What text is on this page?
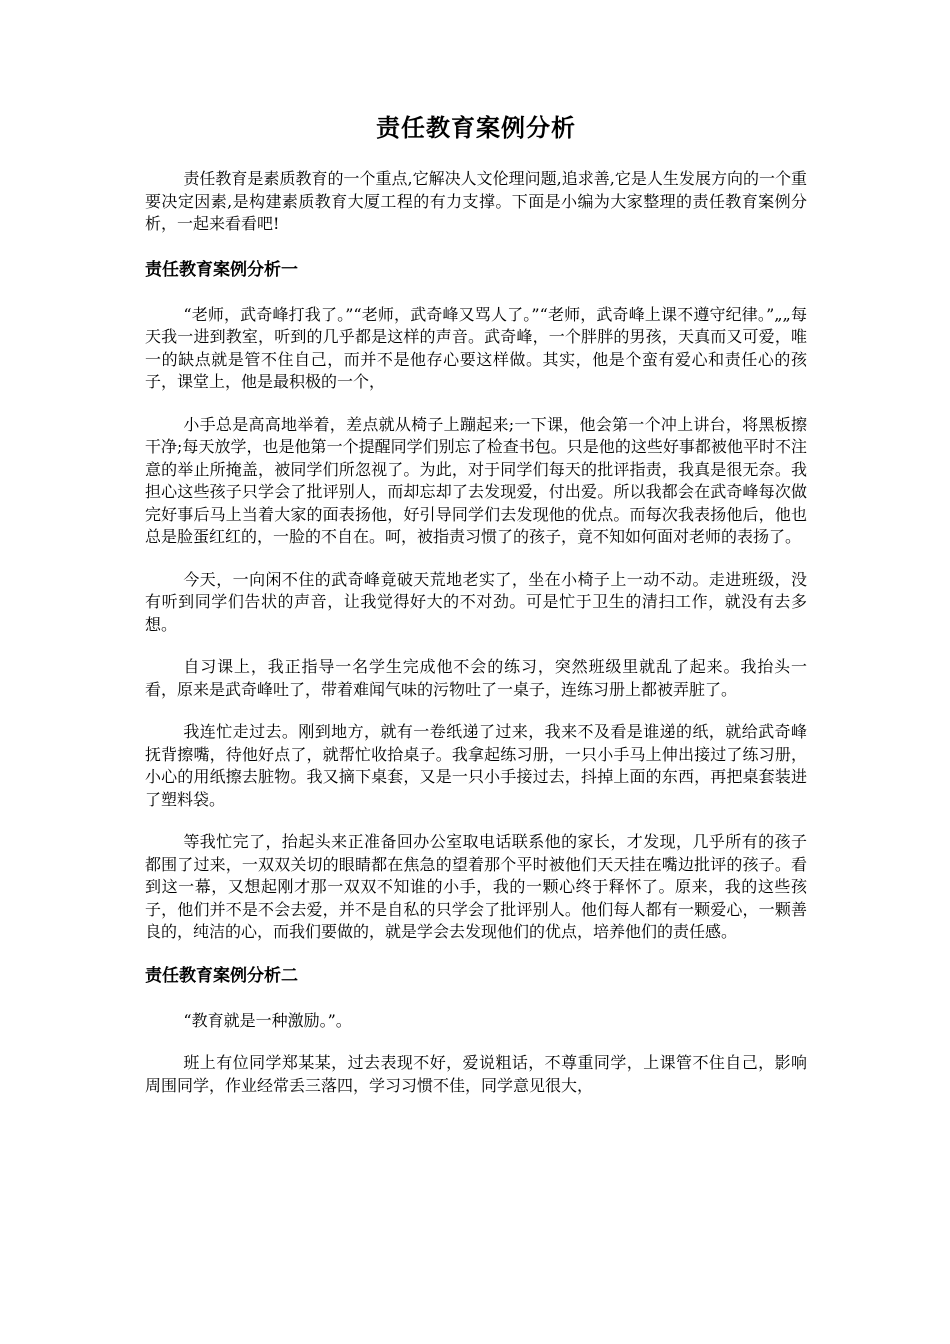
责任教育案例分析

责任教育是素质教育的一个重点,它解决人文伦理问题,追求善,它是人生发展方向的一个重要决定因素,是构建素质教育大厦工程的有力支撑。下面是小编为大家整理的责任教育案例分析，一起来看看吧!

责任教育案例分析一

“老师，武奇峰打我了。”“老师，武奇峰又骂人了。”“老师，武奇峰上课不遵守纪律。”„„每天我一进到教室，听到的几乎都是这样的声音。武奇峰，一个胖胖的男孩，天真而又可爱，唯一的缺点就是管不住自己，而并不是他存心要这样做。其实，他是个蛮有爱心和责任心的孩子，课堂上，他是最积极的一个，

小手总是高高地举着，差点就从椅子上蹦起来;一下课，他会第一个冲上讲台，将黑板擦干净;每天放学，也是他第一个提醒同学们别忘了检查书包。只是他的这些好事都被他平时不注意的举止所掩盖，被同学们所忽视了。为此，对于同学们每天的批评指责，我真是很无奈。我担心这些孩子只学会了批评别人，而却忘却了去发现爱，付出爱。所以我都会在武奇峰每次做完好事后马上当着大家的面表扬他，好引导同学们去发现他的优点。而每次我表扬他后，他也总是脸蛋红红的，一脸的不自在。呵，被指责习惯了的孩子，竟不知如何面对老师的表扬了。

今天，一向闲不住的武奇峰竟破天荒地老实了，坐在小椅子上一动不动。走进班级，没有听到同学们告状的声音，让我觉得好大的不对劲。可是忙于卫生的清扫工作，就没有去多想。

自习课上，我正指导一名学生完成他不会的练习，突然班级里就乱了起来。我抬头一看，原来是武奇峰吐了，带着难闻气味的污物吐了一桌子，连练习册上都被弄脏了。

我连忙走过去。刚到地方，就有一卷纸递了过来，我来不及看是谁递的纸，就给武奇峰抚背擦嘴，待他好点了，就帮忙收拾桌子。我拿起练习册，一只小手马上伸出接过了练习册，小心的用纸擦去脏物。我又摘下桌套，又是一只小手接过去，抖掉上面的东西，再把桌套装进了塑料袋。

等我忙完了，抬起头来正准备回办公室取电话联系他的家长，才发现，几乎所有的孩子都围了过来，一双双关切的眼睛都在焦急的望着那个平时被他们天天挂在嘴边批评的孩子。看到这一幕，又想起刚才那一双双不知谁的小手，我的一颗心终于释怀了。原来，我的这些孩子，他们并不是不会去爱，并不是自私的只学会了批评别人。他们每人都有一颗爱心，一颗善良的，纯洁的心，而我们要做的，就是学会去发现他们的优点，培养他们的责任感。

责任教育案例分析二

“教育就是一种激励。”。

班上有位同学郑某某，过去表现不好，爱说粗话，不尊重同学，上课管不住自己，影响周围同学，作业经常丢三落四，学习习惯不佳，同学意见很大，
